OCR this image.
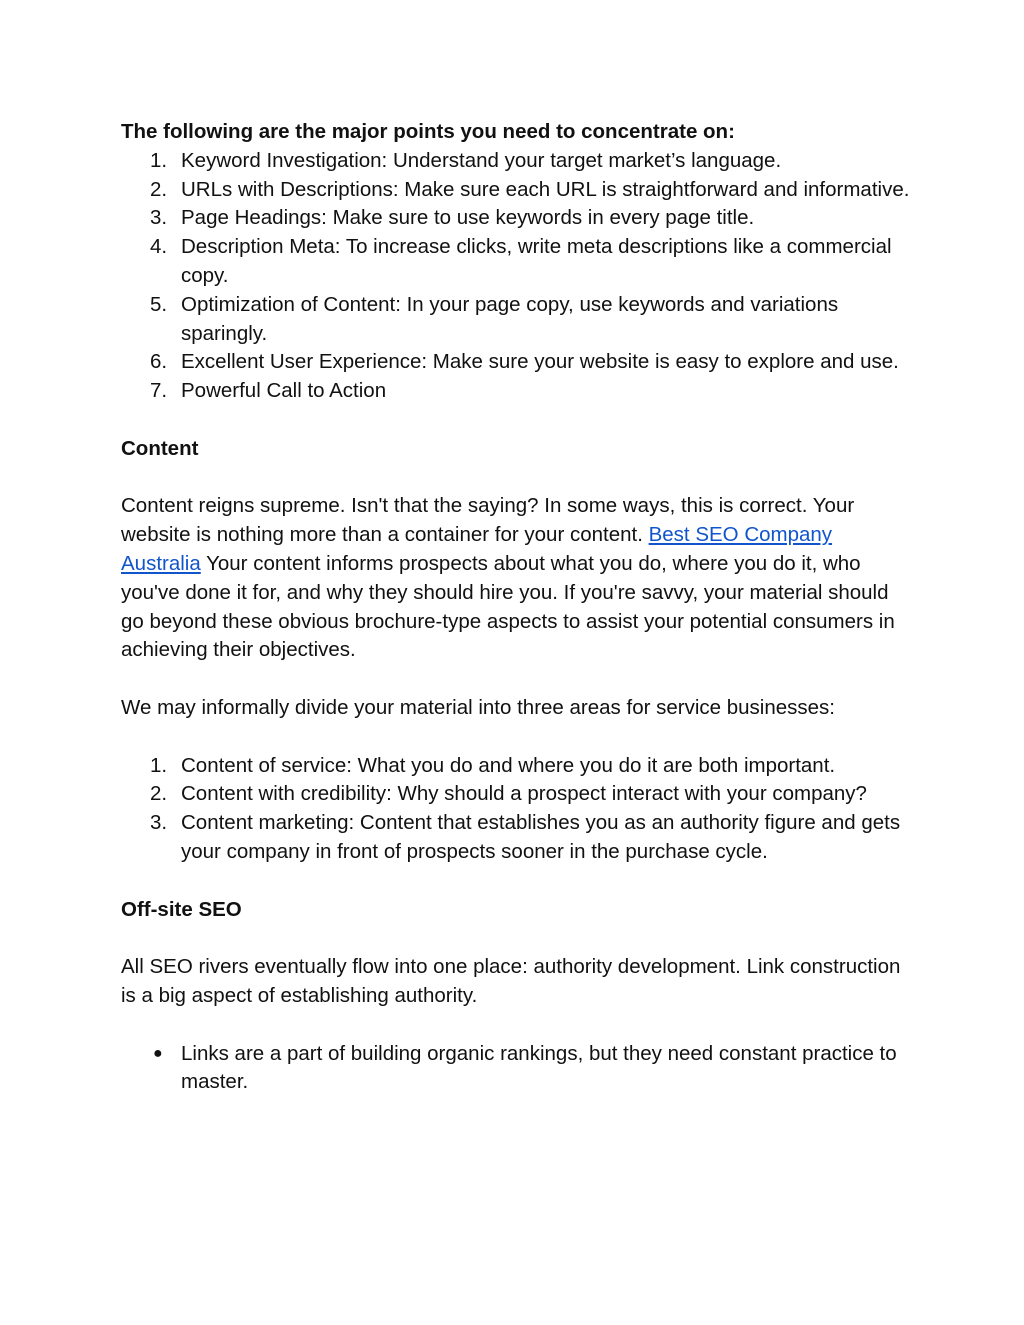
The following are the major points you need to concentrate on:
1. Keyword Investigation: Understand your target market’s language.
2. URLs with Descriptions: Make sure each URL is straightforward and informative.
3. Page Headings: Make sure to use keywords in every page title.
4. Description Meta: To increase clicks, write meta descriptions like a commercial copy.
5. Optimization of Content: In your page copy, use keywords and variations sparingly.
6. Excellent User Experience: Make sure your website is easy to explore and use.
7. Powerful Call to Action
Content

Content reigns supreme. Isn't that the saying? In some ways, this is correct. Your website is nothing more than a container for your content. Best SEO Company Australia Your content informs prospects about what you do, where you do it, who you've done it for, and why they should hire you. If you're savvy, your material should go beyond these obvious brochure-type aspects to assist your potential consumers in achieving their objectives.

We may informally divide your material into three areas for service businesses:

1. Content of service: What you do and where you do it are both important.
2. Content with credibility: Why should a prospect interact with your company?
3. Content marketing: Content that establishes you as an authority figure and gets your company in front of prospects sooner in the purchase cycle.
Off-site SEO

All SEO rivers eventually flow into one place: authority development. Link construction is a big aspect of establishing authority.

● Links are a part of building organic rankings, but they need constant practice to master.
